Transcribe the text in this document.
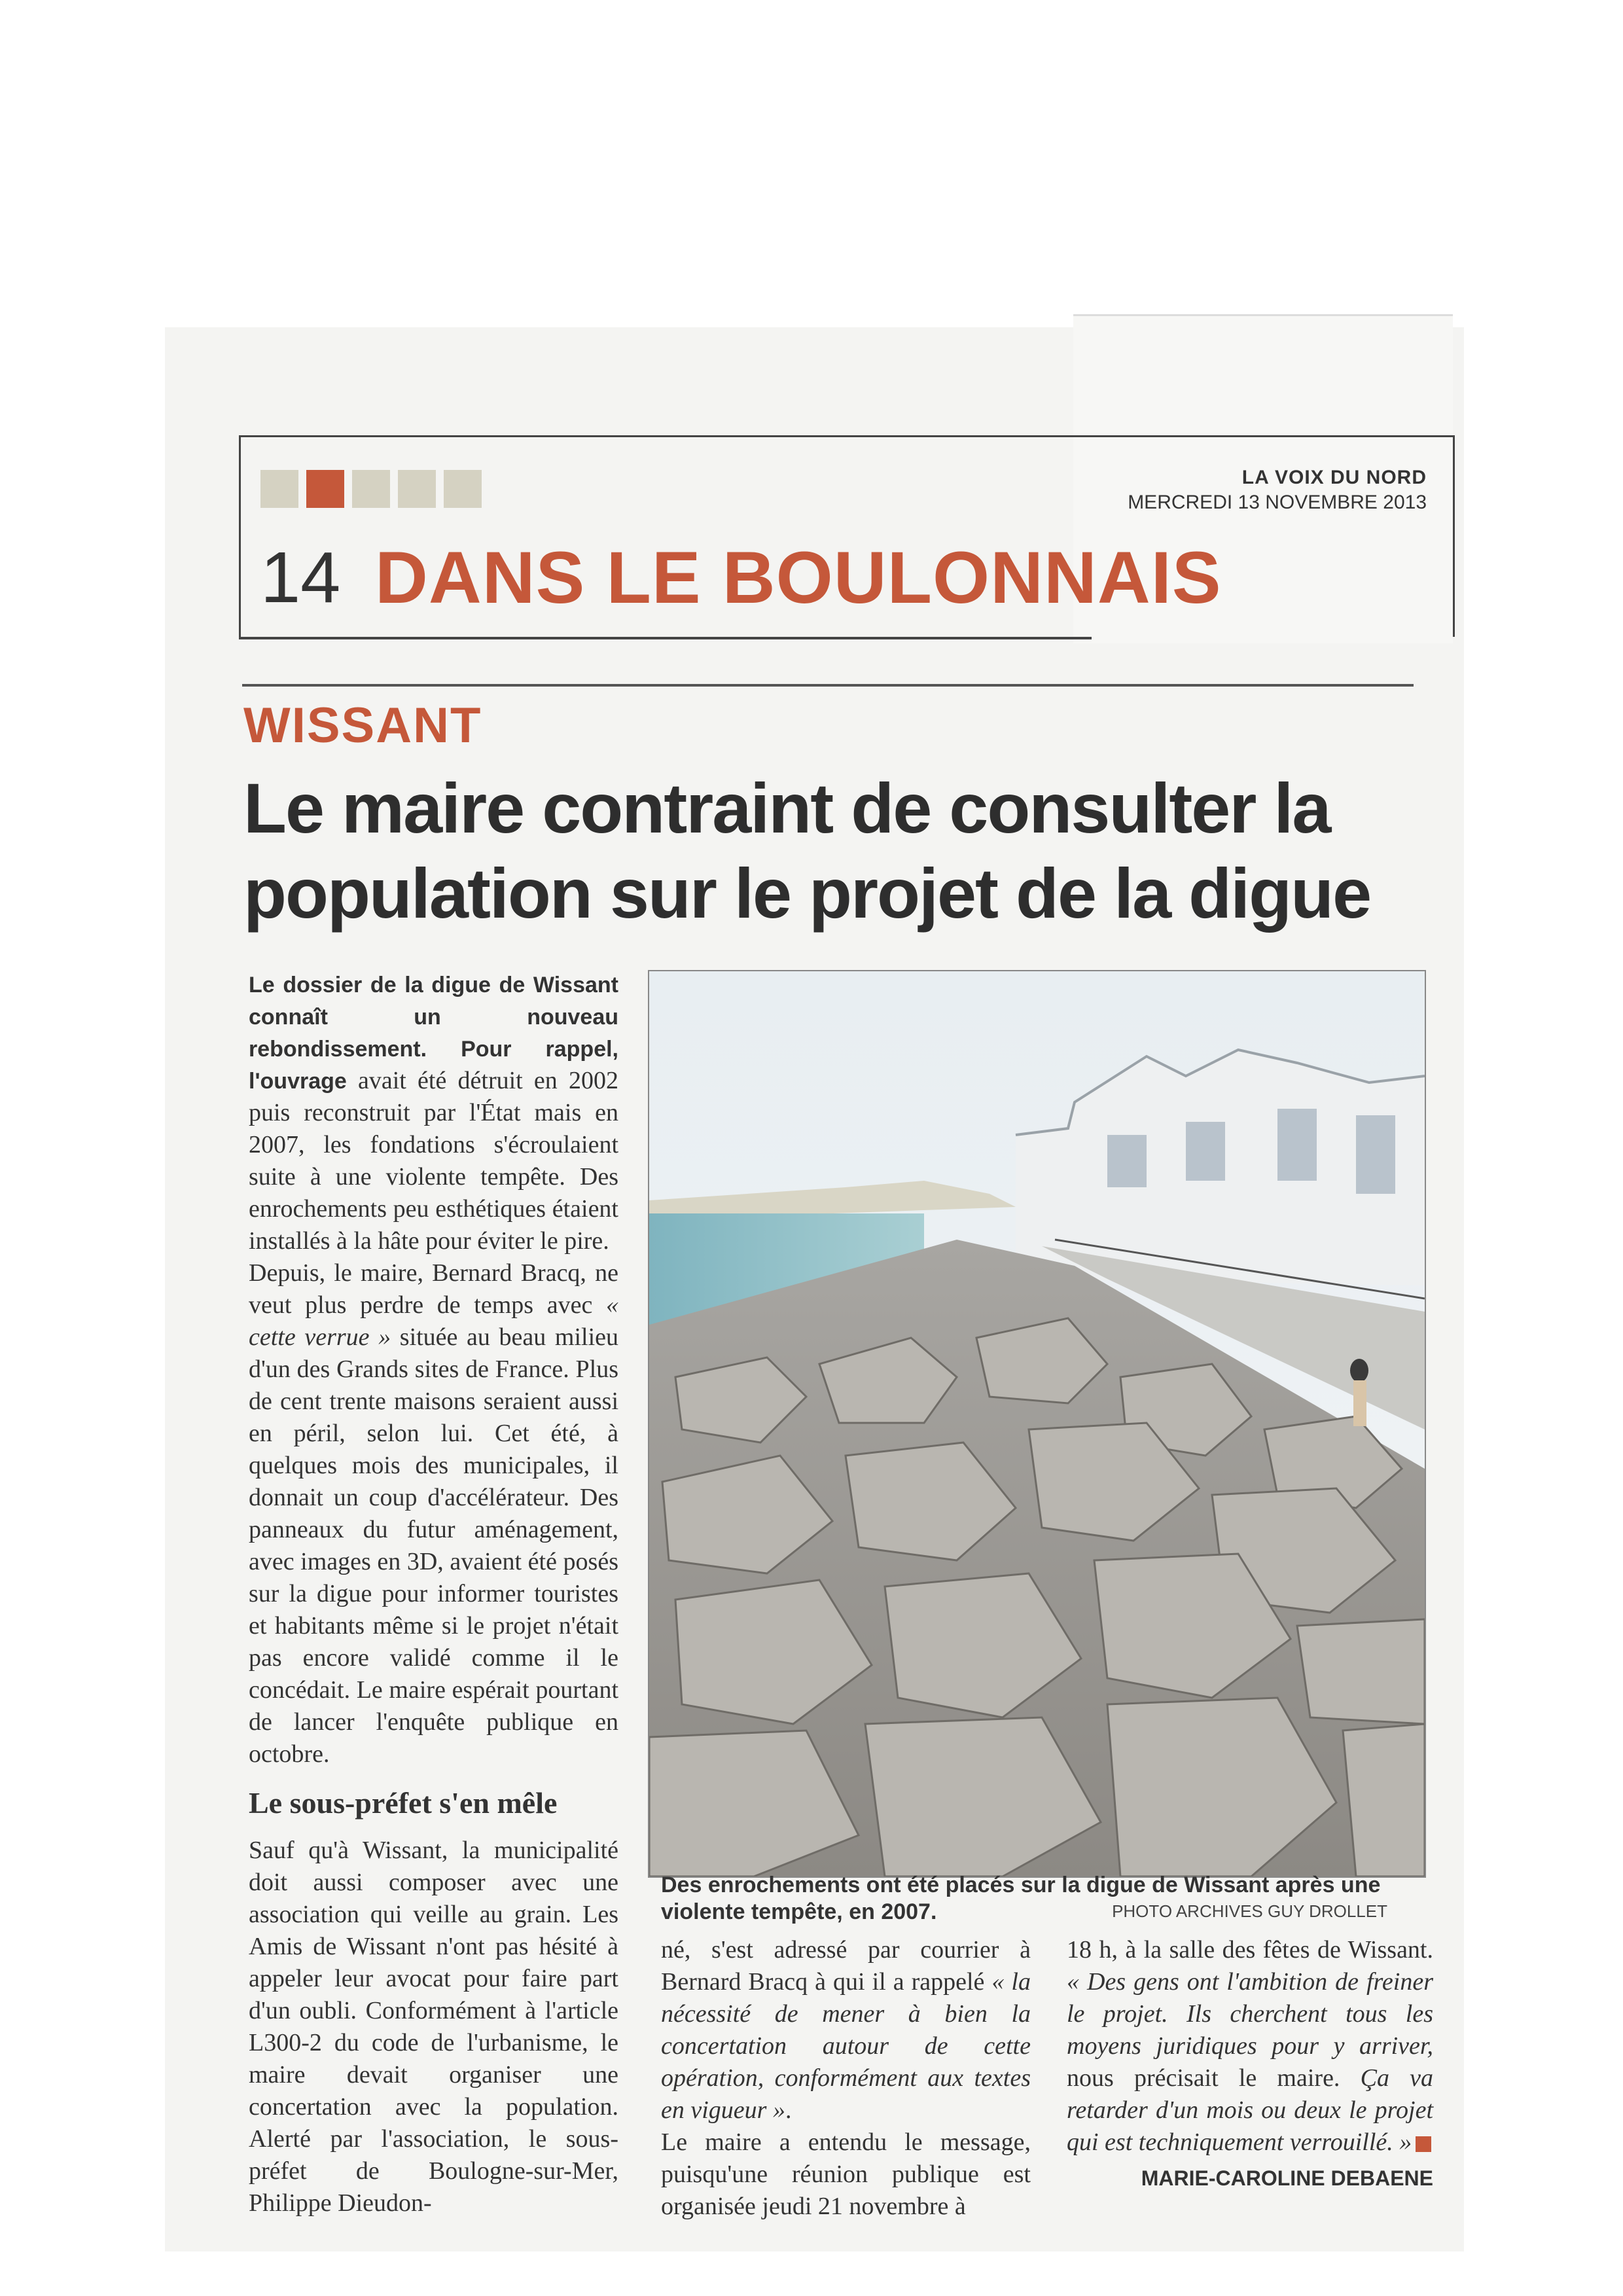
14 DANS LE BOULONNAIS
LA VOIX DU NORD
MERCREDI 13 NOVEMBRE 2013
WISSANT
Le maire contraint de consulter la population sur le projet de la digue

Le dossier de la digue de Wissant connaît un nouveau rebondissement. Pour rappel, l'ouvrage avait été détruit en 2002 puis reconstruit par l'État mais en 2007, les fondations s'écroulaient suite à une violente tempête. Des enrochements peu esthétiques étaient installés à la hâte pour éviter le pire.

Depuis, le maire, Bernard Bracq, ne veut plus perdre de temps avec « cette verrue » située au beau milieu d'un des Grands sites de France. Plus de cent trente maisons seraient aussi en péril, selon lui. Cet été, à quelques mois des municipales, il donnait un coup d'accélérateur. Des panneaux du futur aménagement, avec images en 3D, avaient été posés sur la digue pour informer touristes et habitants même si le projet n'était pas encore validé comme il le concédait. Le maire espérait pourtant de lancer l'enquête publique en octobre.

Le sous-préfet s'en mêle

Sauf qu'à Wissant, la municipalité doit aussi composer avec une association qui veille au grain. Les Amis de Wissant n'ont pas hésité à appeler leur avocat pour faire part d'un oubli. Conformément à l'article L300-2 du code de l'urbanisme, le maire devait organiser une concertation avec la population. Alerté par l'association, le sous-préfet de Boulogne-sur-Mer, Philippe Dieudon-

Des enrochements ont été placés sur la digue de Wissant après une violente tempête, en 2007.	PHOTO ARCHIVES GUY DROLLET

né, s'est adressé par courrier à Bernard Bracq à qui il a rappelé « la nécessité de mener à bien la concertation autour de cette opération, conformément aux textes en vigueur ».

Le maire a entendu le message, puisqu'une réunion publique est organisée jeudi 21 novembre à

18 h, à la salle des fêtes de Wissant. « Des gens ont l'ambition de freiner le projet. Ils cherchent tous les moyens juridiques pour y arriver, nous précisait le maire. Ça va retarder d'un mois ou deux le projet qui est techniquement verrouillé. »

MARIE-CAROLINE DEBAENE
